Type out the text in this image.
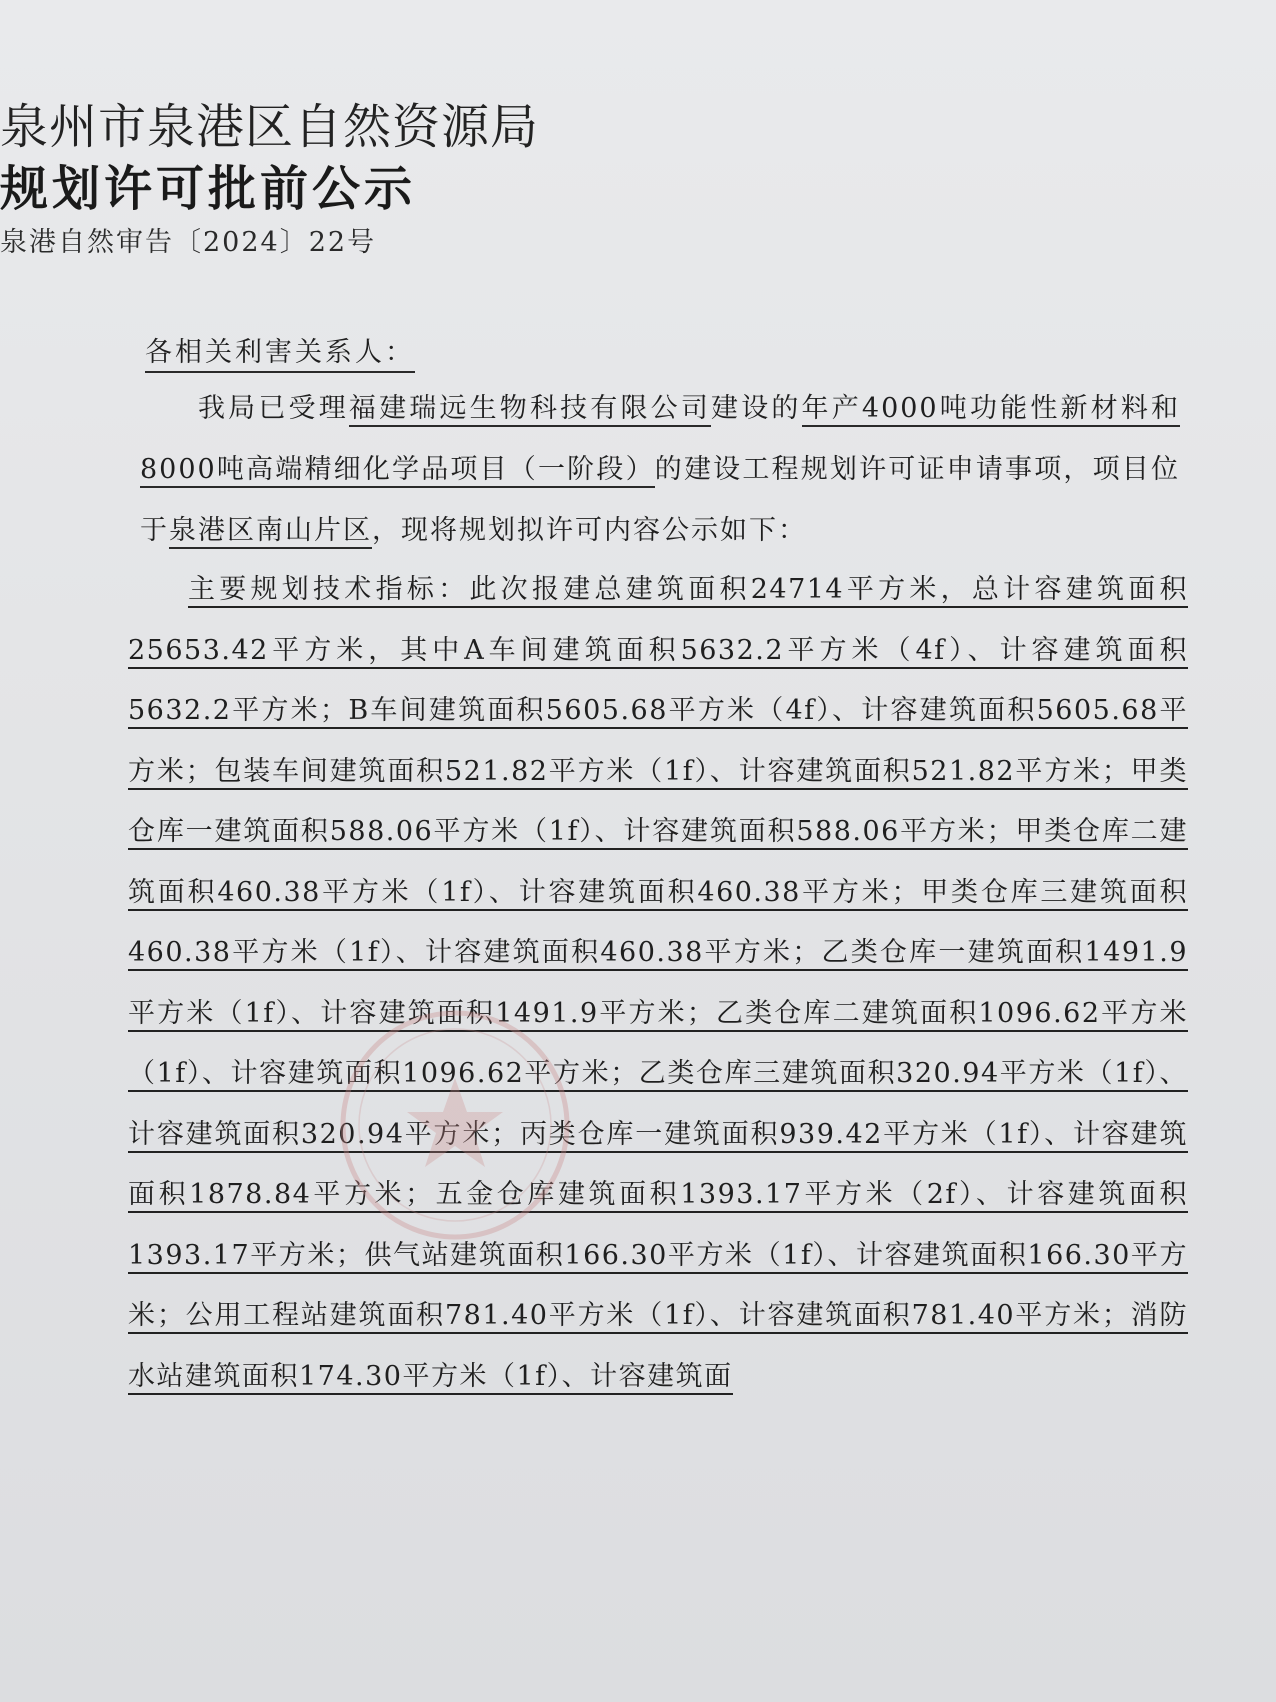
泉州市泉港区自然资源局
规划许可批前公示
泉港自然审告〔2024〕22号
各相关利害关系人：
我局已受理福建瑞远生物科技有限公司建设的年产4000吨功能性新材料和8000吨高端精细化学品项目（一阶段）的建设工程规划许可证申请事项，项目位于泉港区南山片区，现将规划拟许可内容公示如下：
主要规划技术指标：此次报建总建筑面积24714平方米，总计容建筑面积25653.42平方米，其中A车间建筑面积5632.2平方米（4f）、计容建筑面积5632.2平方米；B车间建筑面积5605.68平方米（4f）、计容建筑面积5605.68平方米；包装车间建筑面积521.82平方米（1f）、计容建筑面积521.82平方米；甲类仓库一建筑面积588.06平方米（1f）、计容建筑面积588.06平方米；甲类仓库二建筑面积460.38平方米（1f）、计容建筑面积460.38平方米；甲类仓库三建筑面积460.38平方米（1f）、计容建筑面积460.38平方米；乙类仓库一建筑面积1491.9平方米（1f）、计容建筑面积1491.9平方米；乙类仓库二建筑面积1096.62平方米（1f）、计容建筑面积1096.62平方米；乙类仓库三建筑面积320.94平方米（1f）、计容建筑面积320.94平方米；丙类仓库一建筑面积939.42平方米（1f）、计容建筑面积1878.84平方米；五金仓库建筑面积1393.17平方米（2f）、计容建筑面积1393.17平方米；供气站建筑面积166.30平方米（1f）、计容建筑面积166.30平方米；公用工程站建筑面积781.40平方米（1f）、计容建筑面积781.40平方米；消防水站建筑面积174.30平方米（1f）、计容建筑面
